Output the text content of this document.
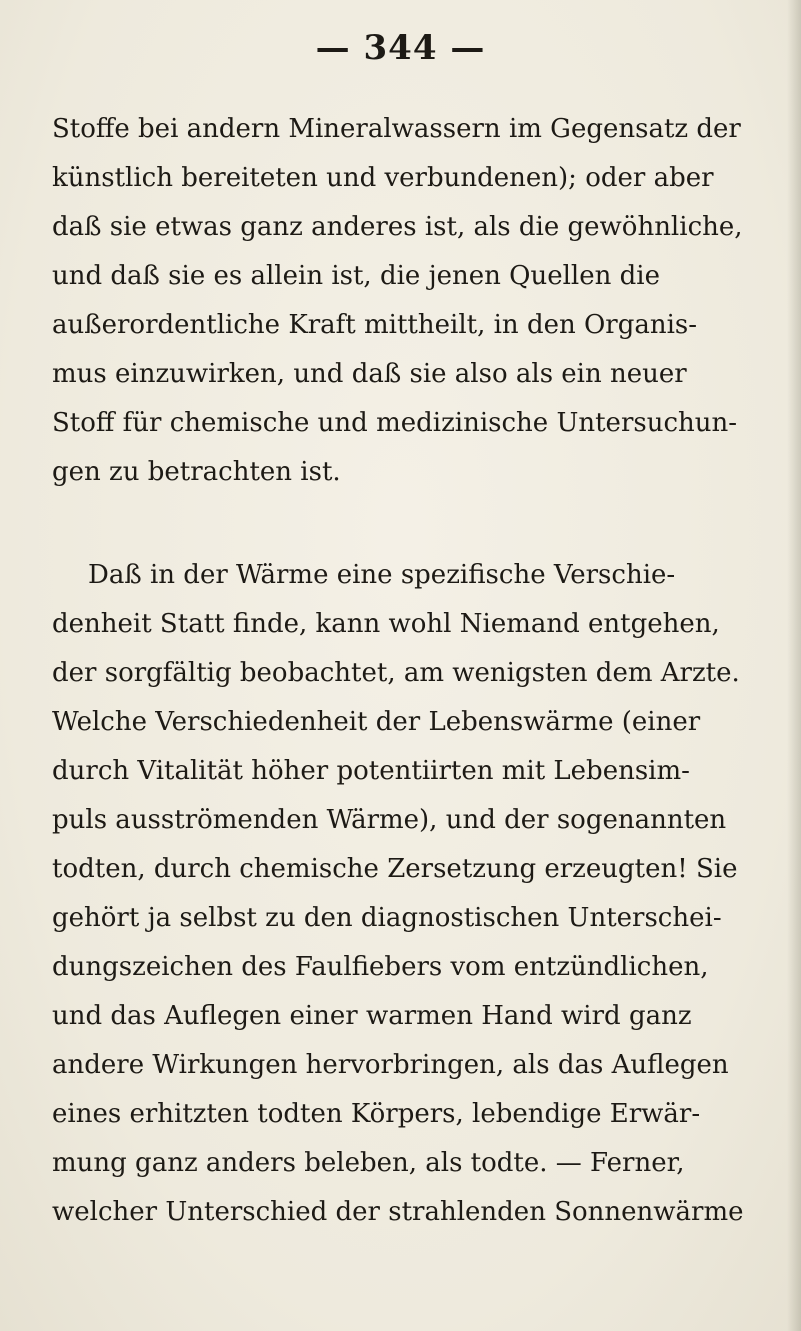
— 344 —
Stoffe bei andern Mineralwassern im Gegensatz der
künstlich bereiteten und verbundenen); oder aber
daß sie etwas ganz anderes ist, als die gewöhnliche,
und daß sie es allein ist, die jenen Quellen die
außerordentliche Kraft mittheilt, in den Organis-
mus einzuwirken, und daß sie also als ein neuer
Stoff für chemische und medizinische Untersuchun-
gen zu betrachten ist.
Daß in der Wärme eine spezifische Verschie-
denheit Statt finde, kann wohl Niemand entgehen,
der sorgfältig beobachtet, am wenigsten dem Arzte.
Welche Verschiedenheit der Lebenswärme (einer
durch Vitalität höher potentiirten mit Lebensim-
puls ausströmenden Wärme), und der sogenannten
todten, durch chemische Zersetzung erzeugten! Sie
gehört ja selbst zu den diagnostischen Unterschei-
dungszeichen des Faulfiebers vom entzündlichen,
und das Auflegen einer warmen Hand wird ganz
andere Wirkungen hervorbringen, als das Auflegen
eines erhitzten todten Körpers, lebendige Erwär-
mung ganz anders beleben, als todte. — Ferner,
welcher Unterschied der strahlenden Sonnenwärme
